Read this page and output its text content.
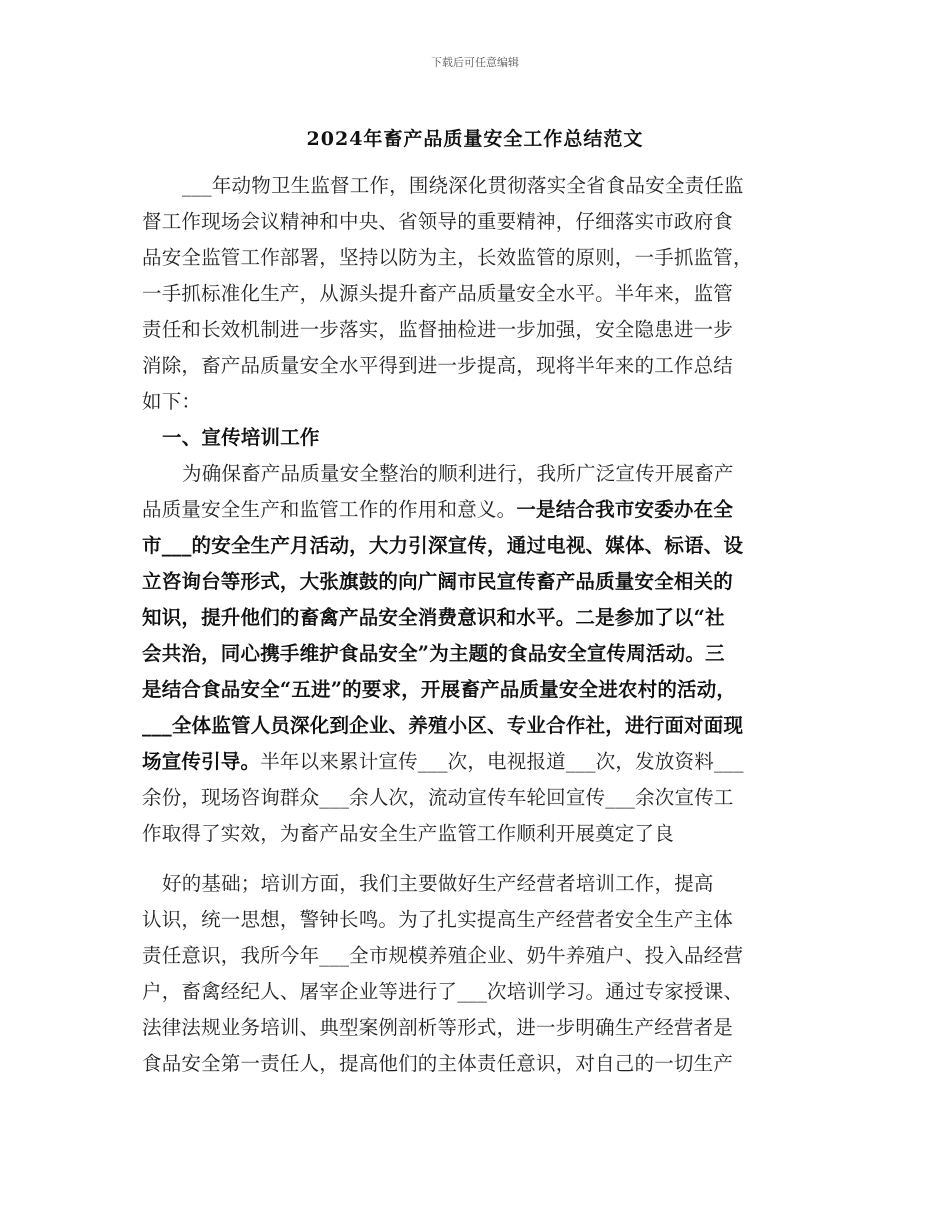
下载后可任意编辑
2024年畜产品质量安全工作总结范文
___年动物卫生监督工作，围绕深化贯彻落实全省食品安全责任监
督工作现场会议精神和中央、省领导的重要精神，仔细落实市政府食
品安全监管工作部署，坚持以防为主，长效监管的原则，一手抓监管，
一手抓标准化生产，从源头提升畜产品质量安全水平。半年来，监管
责任和长效机制进一步落实，监督抽检进一步加强，安全隐患进一步
消除，畜产品质量安全水平得到进一步提高，现将半年来的工作总结
如下：
一、宣传培训工作
为确保畜产品质量安全整治的顺利进行，我所广泛宣传开展畜产
品质量安全生产和监管工作的作用和意义。一是结合我市安委办在全
市___的安全生产月活动，大力引深宣传，通过电视、媒体、标语、设
立咨询台等形式，大张旗鼓的向广阔市民宣传畜产品质量安全相关的
知识，提升他们的畜禽产品安全消费意识和水平。二是参加了以“社
会共治，同心携手维护食品安全”为主题的食品安全宣传周活动。三
是结合食品安全“五进”的要求，开展畜产品质量安全进农村的活动，
___全体监管人员深化到企业、养殖小区、专业合作社，进行面对面现
场宣传引导。半年以来累计宣传___次，电视报道___次，发放资料___
余份，现场咨询群众___余人次，流动宣传车轮回宣传___余次宣传工
作取得了实效，为畜产品安全生产监管工作顺利开展奠定了良
好的基础；培训方面，我们主要做好生产经营者培训工作，提高
认识，统一思想，警钟长鸣。为了扎实提高生产经营者安全生产主体
责任意识，我所今年___全市规模养殖企业、奶牛养殖户、投入品经营
户，畜禽经纪人、屠宰企业等进行了___次培训学习。通过专家授课、
法律法规业务培训、典型案例剖析等形式，进一步明确生产经营者是
食品安全第一责任人，提高他们的主体责任意识，对自己的一切生产
